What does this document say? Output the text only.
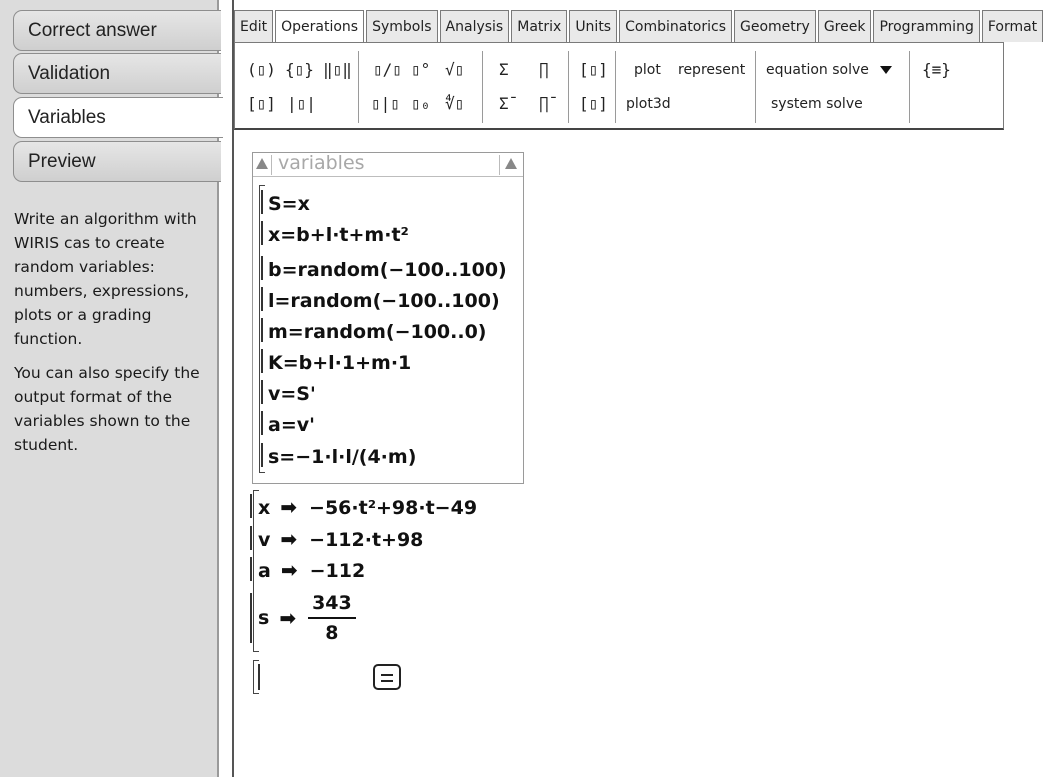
Correct answer
Validation
Variables
Preview

Write an algorithm with WIRIS cas to create random variables: numbers, expressions, plots or a grading function.

You can also specify the output format of the variables shown to the student.

Edit	Operations	Symbols	Analysis	Matrix	Units	Combinatorics	Geometry	Greek	Programming	Format
(▯) {▯} ‖▯‖
[▯] |▯|
▯/▯ ▯° √▯
▯|▯ ▯₀ ∜▯
Σ ∏
Σ̄ ∏̄
[▯]
[▯]
plot represent
plot3d
equation solve
system solve
{≡}
variables
S=x
x=b+l·t+m·t²
b=random(−100..100)
l=random(−100..100)
m=random(−100..0)
K=b+l·1+m·1
v=S'
a=v'
s=−1·l·l/(4·m)
x ➡ −56·t²+98·t−49
v ➡ −112·t+98
a ➡ −112
s ➡ $\frac{343}{8}$
